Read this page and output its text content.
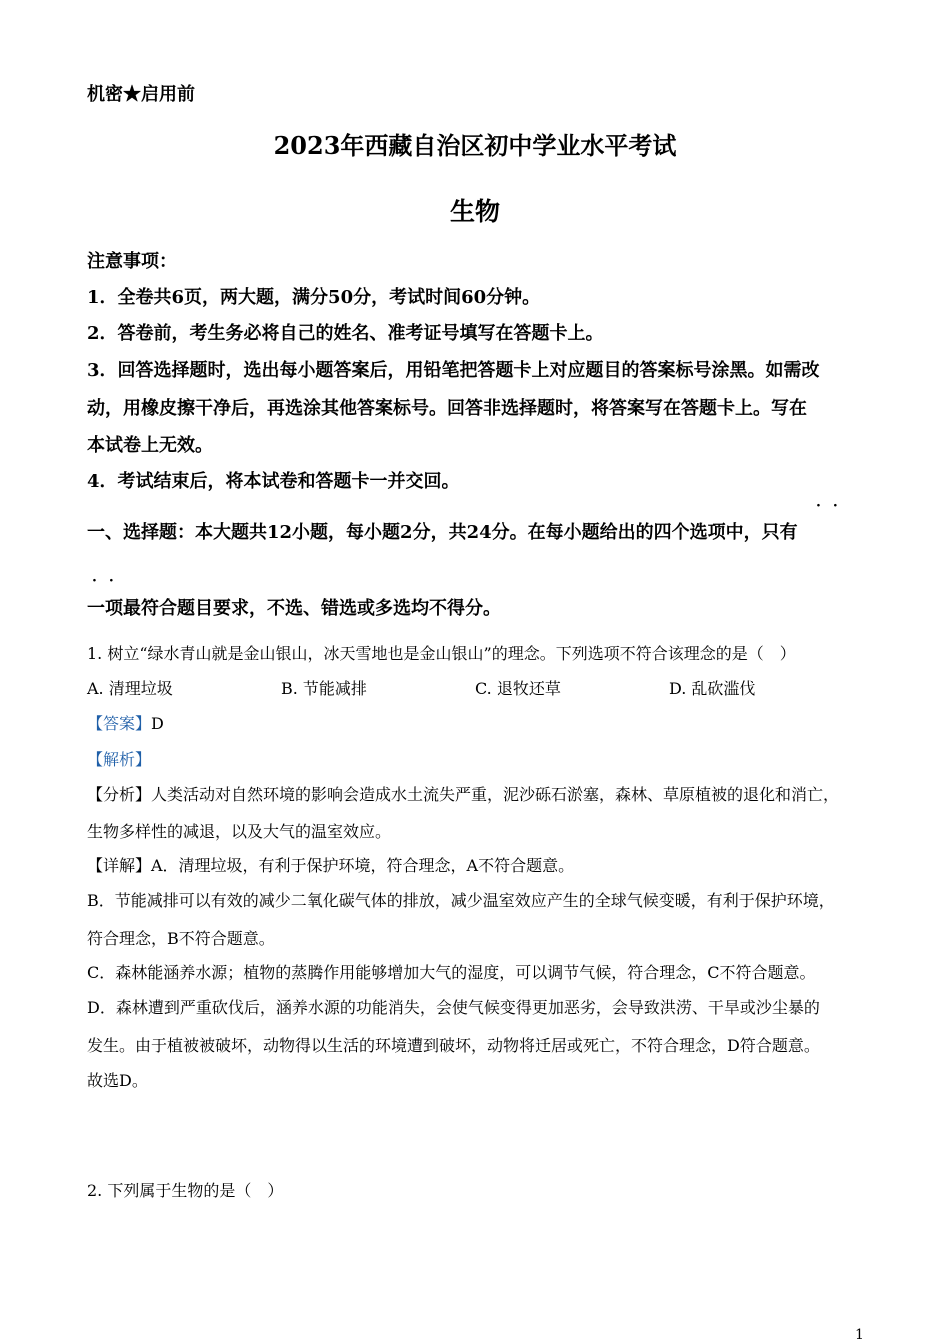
机密★启用前
2023年西藏自治区初中学业水平考试
生物
注意事项：
1．全卷共6页，两大题，满分50分，考试时间60分钟。
2．答卷前，考生务必将自己的姓名、准考证号填写在答题卡上。
3．回答选择题时，选出每小题答案后，用铅笔把答题卡上对应题目的答案标号涂黑。如需改
动，用橡皮擦干净后，再选涂其他答案标号。回答非选择题时，将答案写在答题卡上。写在
本试卷上无效。
4．考试结束后，将本试卷和答题卡一并交回。
··
一、选择题：本大题共12小题，每小题2分，共24分。在每小题给出的四个选项中，只有
··
一项最符合题目要求，不选、错选或多选均不得分。
1. 树立“绿水青山就是金山银山，冰天雪地也是金山银山”的理念。下列选项不符合该理念的是（　）
A. 清理垃圾	B. 节能减排	C. 退牧还草	D. 乱砍滥伐
【答案】D
【解析】
【分析】人类活动对自然环境的影响会造成水土流失严重，泥沙砾石淤塞，森林、草原植被的退化和消亡，
生物多样性的减退，以及大气的温室效应。
【详解】A．清理垃圾，有利于保护环境，符合理念，A不符合题意。
B．节能减排可以有效的减少二氧化碳气体的排放，减少温室效应产生的全球气候变暖，有利于保护环境，
符合理念，B不符合题意。
C．森林能涵养水源；植物的蒸腾作用能够增加大气的湿度，可以调节气候，符合理念，C不符合题意。
D．森林遭到严重砍伐后，涵养水源的功能消失，会使气候变得更加恶劣，会导致洪涝、干旱或沙尘暴的
发生。由于植被被破坏，动物得以生活的环境遭到破坏，动物将迁居或死亡，不符合理念，D符合题意。
故选D。
2. 下列属于生物的是（　）
1
